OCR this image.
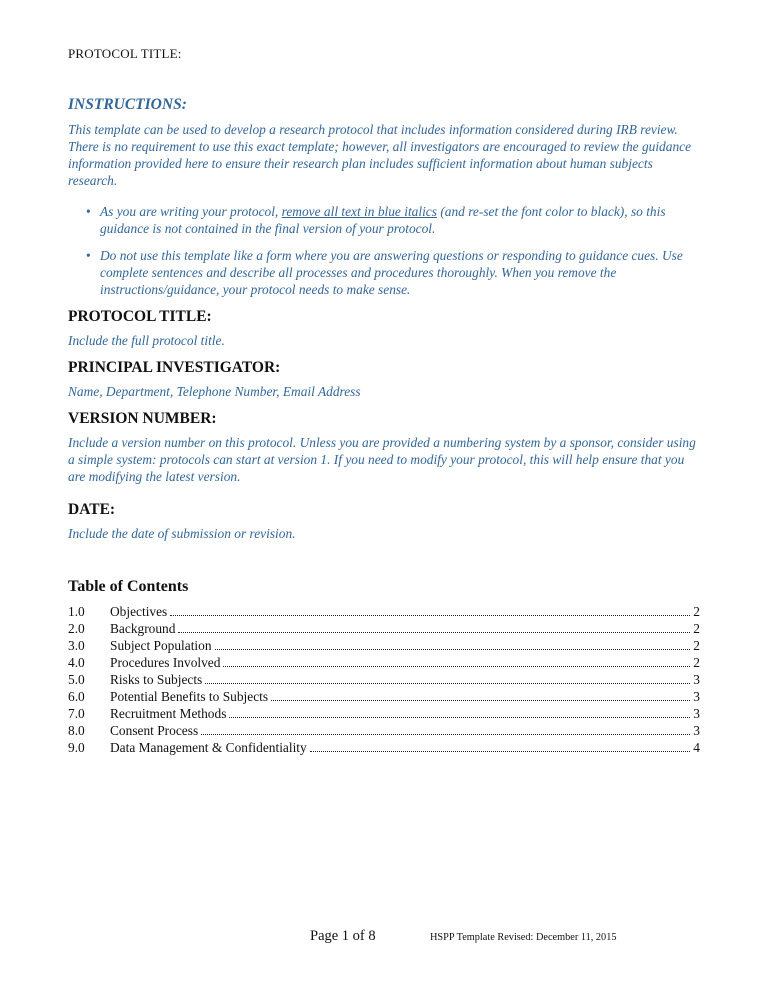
PROTOCOL TITLE:

INSTRUCTIONS:

This template can be used to develop a research protocol that includes information considered during IRB review. There is no requirement to use this exact template; however, all investigators are encouraged to review the guidance information provided here to ensure their research plan includes sufficient information about human subjects research.

• As you are writing your protocol, remove all text in blue italics (and re-set the font color to black), so this guidance is not contained in the final version of your protocol.
• Do not use this template like a form where you are answering questions or responding to guidance cues. Use complete sentences and describe all processes and procedures thoroughly. When you remove the instructions/guidance, your protocol needs to make sense.
PROTOCOL TITLE:

Include the full protocol title.

PRINCIPAL INVESTIGATOR:

Name, Department, Telephone Number, Email Address

VERSION NUMBER:

Include a version number on this protocol. Unless you are provided a numbering system by a sponsor, consider using a simple system: protocols can start at version 1. If you need to modify your protocol, this will help ensure that you are modifying the latest version.

DATE:

Include the date of submission or revision.

Table of Contents
1.0	Objectives	2
2.0	Background	2
3.0	Subject Population	2
4.0	Procedures Involved	2
5.0	Risks to Subjects	3
6.0	Potential Benefits to Subjects	3
7.0	Recruitment Methods	3
8.0	Consent Process	3
9.0	Data Management & Confidentiality	4
Page 1 of 8	HSPP Template Revised: December 11, 2015
